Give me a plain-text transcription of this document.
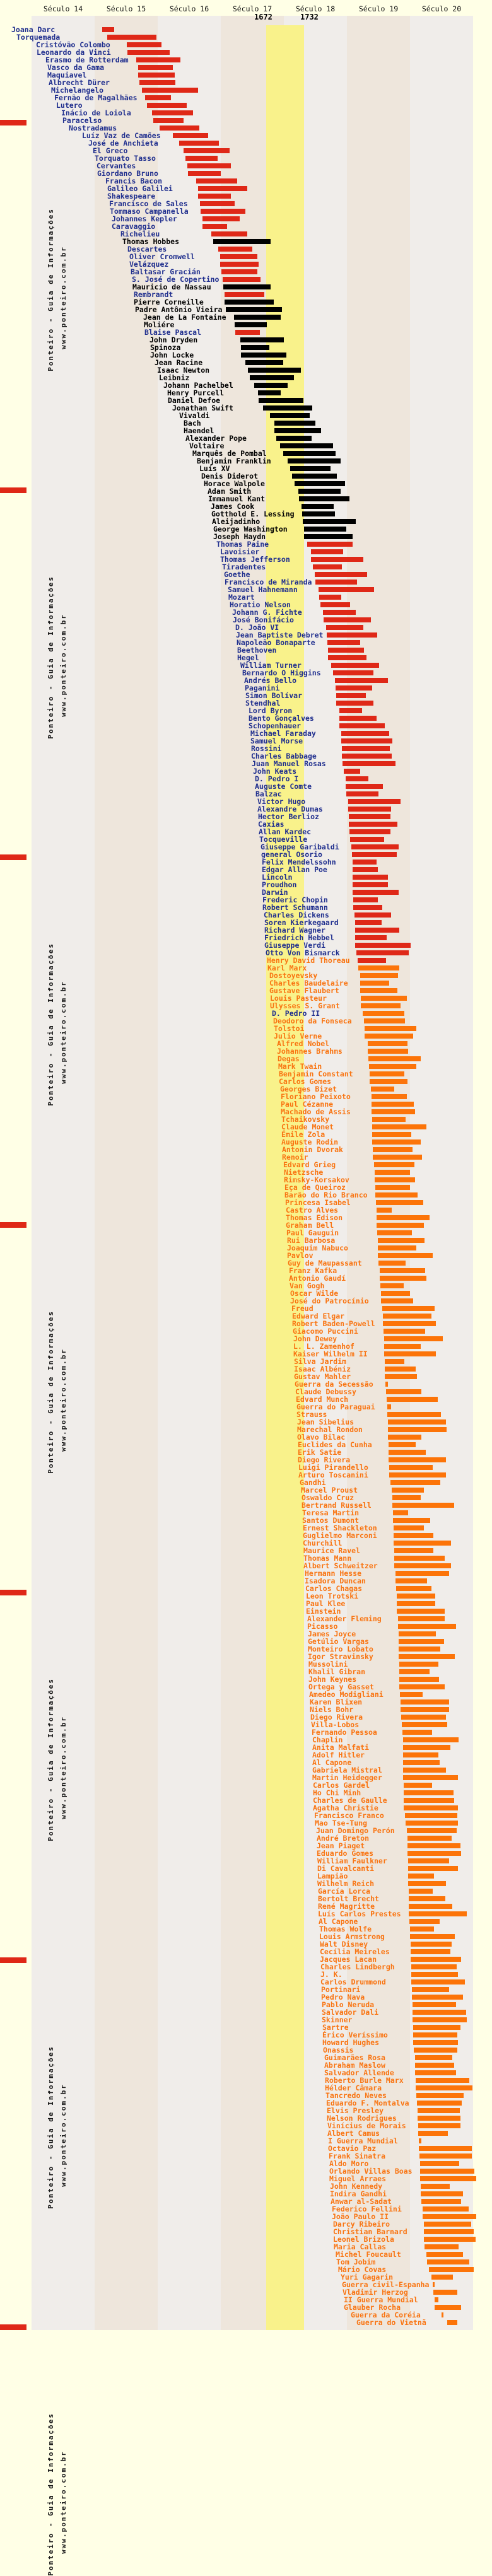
Século 14	Século 15	Século 16	Século 17	Século 18	Século 19	Século 20
1672	1732
Joana Darc
Torquemada
Cristóvão Colombo
Leonardo da Vinci
Erasmo de Rotterdam
Vasco da Gama
Maquiavel
Albrecht Dürer
Michelangelo
Fernão de Magalhães
Lutero
Inácio de Loiola
Paracelso
Nostradamus
Luíz Vaz de Camões
José de Anchieta
El Greco
Torquato Tasso
Cervantes
Giordano Bruno
Francis Bacon
Galileo Galilei
Shakespeare
Francisco de Sales
Tommaso Campanella
Johannes Kepler
Caravaggio
Richelieu
Thomas Hobbes
Descartes
Oliver Cromwell
Velázquez
Baltasar Gracián
S. José de Copertino
Mauricio de Nassau
Rembrandt
Pierre Corneille
Padre Antônio Vieira
Jean de La Fontaine
Moliére
Blaise Pascal
John Dryden
Spinoza
John Locke
Jean Racine
Isaac Newton
Leibniz
Johann Pachelbel
Henry Purcell
Daniel Defoe
Jonathan Swift
Vivaldi
Bach
Haendel
Alexander Pope
Voltaire
Marquês de Pombal
Benjamin Franklin
Luís XV
Denis Diderot
Horace Walpole
Adam Smith
Immanuel Kant
James Cook
Gotthold E. Lessing
Aleijadinho
George Washington
Joseph Haydn
Thomas Paine
Lavoisier
Thomas Jefferson
Tiradentes
Goethe
Francisco de Miranda
Samuel Hahnemann
Mozart
Horatio Nelson
Johann G. Fichte
José Bonifácio
D. João VI
Jean Baptiste Debret
Napoleão Bonaparte
Beethoven
Hegel
William Turner
Bernardo O Higgins
Andrés Bello
Paganini
Simon Bolívar
Stendhal
Lord Byron
Bento Gonçalves
Schopenhauer
Michael Faraday
Samuel Morse
Rossini
Charles Babbage
Juan Manuel Rosas
John Keats
D. Pedro I
Auguste Comte
Balzac
Victor Hugo
Alexandre Dumas
Hector Berlioz
Caxias
Allan Kardec
Tocqueville
Giuseppe Garibaldi
general Osorio
Felix Mendelssohn
Edgar Allan Poe
Lincoln
Proudhon
Darwin
Frederic Chopin
Robert Schumann
Charles Dickens
Soren Kierkegaard
Richard Wagner
Friedrich Hebbel
Giuseppe Verdi
Otto Von Bismarck
Henry David Thoreau
Karl Marx
Dostoyevsky
Charles Baudelaire
Gustave Flaubert
Louis Pasteur
Ulysses S. Grant
D. Pedro II
Deodoro da Fonseca
Tolstoi
Julio Verne
Alfred Nobel
Johannes Brahms
Degas
Mark Twain
Benjamin Constant
Carlos Gomes
Georges Bizet
Floriano Peixoto
Paul Cézanne
Machado de Assis
Tchaikovsky
Claude Monet
Émile Zola
Auguste Rodin
Antonin Dvorak
Renoir
Edvard Grieg
Nietzsche
Rimsky-Korsakov
Eça de Queiroz
Barão do Rio Branco
Princesa Isabel
Castro Alves
Thomas Edison
Graham Bell
Paul Gauguin
Rui Barbosa
Joaquim Nabuco
Pavlov
Guy de Maupassant
Franz Kafka
Antonio Gaudí
Van Gogh
Oscar Wilde
José do Patrocínio
Freud
Edward Elgar
Robert Baden-Powell
Giacomo Puccini
John Dewey
L. L. Zamenhof
Kaiser Wilhelm II
Silva Jardim
Isaac Albéniz
Gustav Mahler
Guerra da Secessão
Claude Debussy
Edvard Munch
Guerra do Paraguai
Strauss
Jean Sibelius
Marechal Rondon
Olavo Bilac
Euclides da Cunha
Erik Satie
Diego Rivera
Luigi Pirandello
Arturo Toscanini
Gandhi
Marcel Proust
Oswaldo Cruz
Bertrand Russell
Teresa Martin
Santos Dumont
Ernest Shackleton
Guglielmo Marconi
Churchill
Maurice Ravel
Thomas Mann
Albert Schweitzer
Hermann Hesse
Isadora Duncan
Carlos Chagas
Leon Trotski
Paul Klee
Einstein
Alexander Fleming
Picasso
James Joyce
Getúlio Vargas
Monteiro Lobato
Igor Stravinsky
Mussolini
Khalil Gibran
John Keynes
Ortega y Gasset
Amedeo Modigliani
Karen Blixen
Niels Bohr
Diego Rivera
Villa-Lobos
Fernando Pessoa
Chaplin
Anita Malfati
Adolf Hitler
Al Capone
Gabriela Mistral
Martin Heidegger
Carlos Gardel
Ho Chi Minh
Charles de Gaulle
Agatha Christie
Francisco Franco
Mao Tse-Tung
Juan Domingo Perón
André Breton
Jean Piaget
Eduardo Gomes
William Faulkner
Di Cavalcanti
Lampião
Wilhelm Reich
García Lorca
Bertolt Brecht
René Magritte
Luís Carlos Prestes
Al Capone
Thomas Wolfe
Louis Armstrong
Walt Disney
Cecília Meireles
Jacques Lacan
Charles Lindbergh
J. K.
Carlos Drummond
Portinari
Pedro Nava
Pablo Neruda
Salvador Dali
Skinner
Sartre
Érico Veríssimo
Howard Hughes
Onassis
Guimarães Rosa
Abraham Maslow
Salvador Allende
Roberto Burle Marx
Hélder Câmara
Tancredo Neves
Eduardo F. Montalva
Elvis Presley
Nelson Rodrigues
Vinícius de Morais
Albert Camus
I Guerra Mundial
Octavio Paz
Frank Sinatra
Aldo Moro
Orlando Villas Boas
Miguel Arraes
John Kennedy
Indira Gandhi
Anwar al-Sadat
Federico Fellini
João Paulo II
Darcy Ribeiro
Christian Barnard
Leonel Brizola
Maria Callas
Michel Foucault
Tom Jobim
Mário Covas
Yuri Gagarin
Guerra civil-Espanha
Vladimir Herzog
II Guerra Mundial
Glauber Rocha
Guerra da Coréia
Guerra do Vietnã
Ponteiro - Guia de Informações www.ponteiro.com.br
Ponteiro - Guia de Informações www.ponteiro.com.br
Ponteiro - Guia de Informações www.ponteiro.com.br
Ponteiro - Guia de Informações www.ponteiro.com.br
Ponteiro - Guia de Informações www.ponteiro.com.br
Ponteiro - Guia de Informações www.ponteiro.com.br
Ponteiro - Guia de Informações www.ponteiro.com.br
